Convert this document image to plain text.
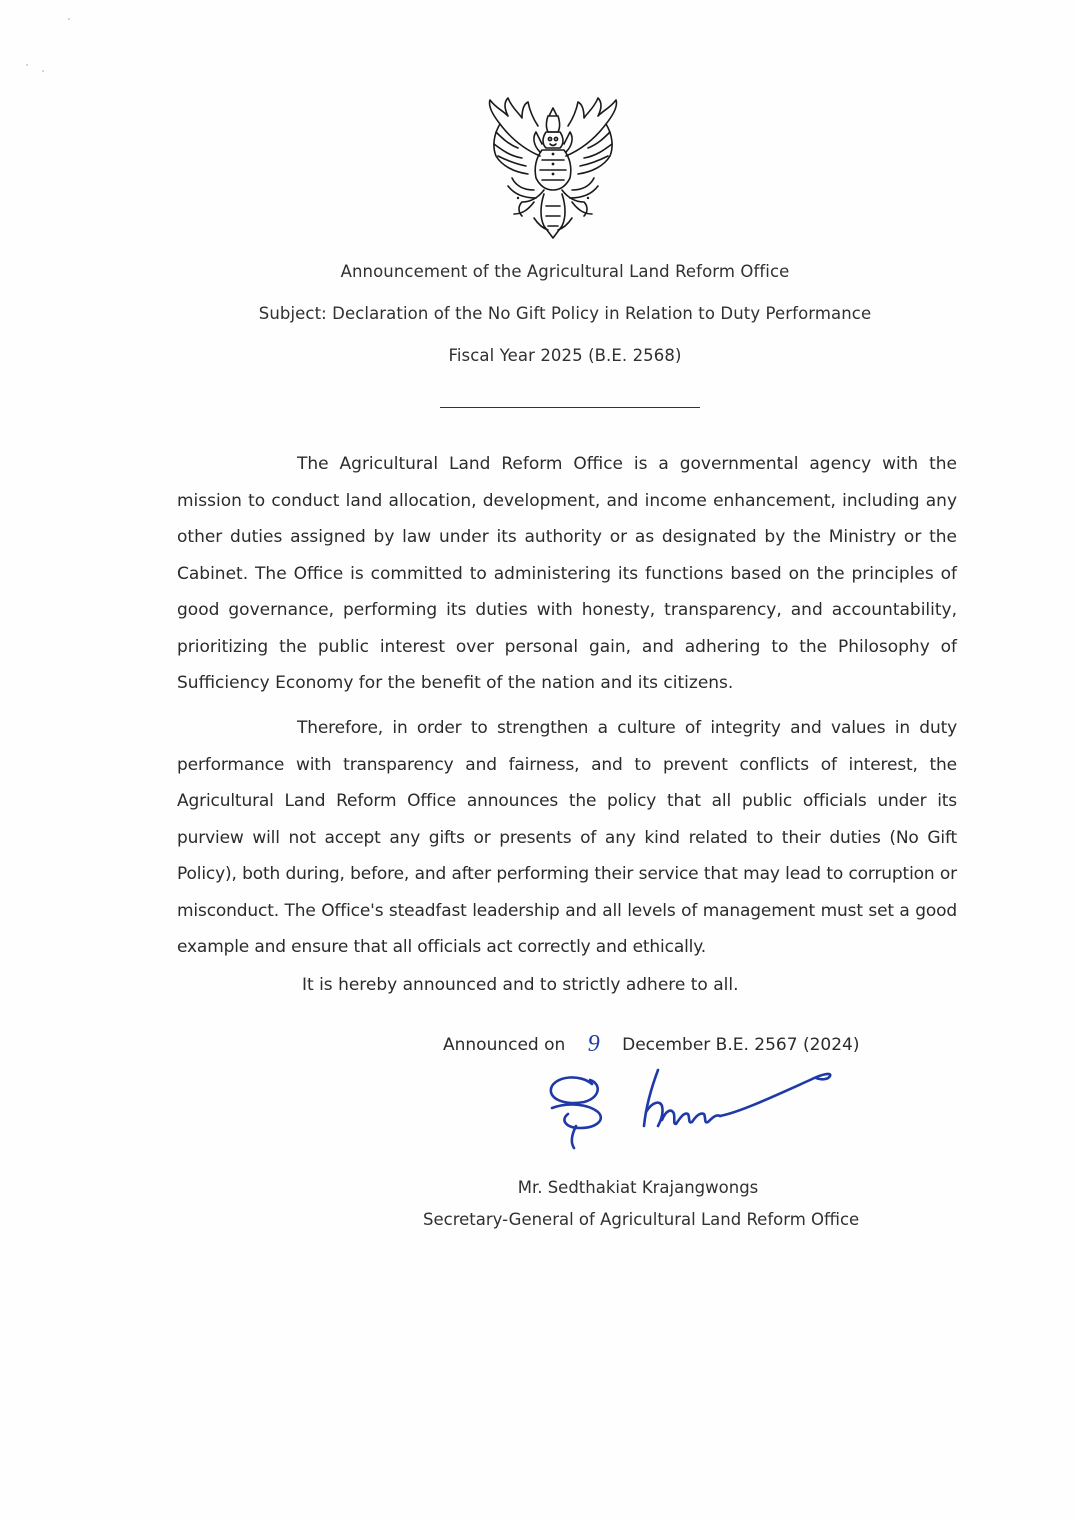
Announcement of the Agricultural Land Reform Office
Subject: Declaration of the No Gift Policy in Relation to Duty Performance
Fiscal Year 2025 (B.E. 2568)
The Agricultural Land Reform Office is a governmental agency with the mission to conduct land allocation, development, and income enhancement, including any other duties assigned by law under its authority or as designated by the Ministry or the Cabinet. The Office is committed to administering its functions based on the principles of good governance, performing its duties with honesty, transparency, and accountability, prioritizing the public interest over personal gain, and adhering to the Philosophy of Sufficiency Economy for the benefit of the nation and its citizens.
Therefore, in order to strengthen a culture of integrity and values in duty performance with transparency and fairness, and to prevent conflicts of interest, the Agricultural Land Reform Office announces the policy that all public officials under its purview will not accept any gifts or presents of any kind related to their duties (No Gift Policy), both during, before, and after performing their service that may lead to corruption or misconduct. The Office's steadfast leadership and all levels of management must set a good example and ensure that all officials act correctly and ethically.
It is hereby announced and to strictly adhere to all.
Announced on 9 December B.E. 2567 (2024)
Mr. Sedthakiat Krajangwongs
Secretary-General of Agricultural Land Reform Office
